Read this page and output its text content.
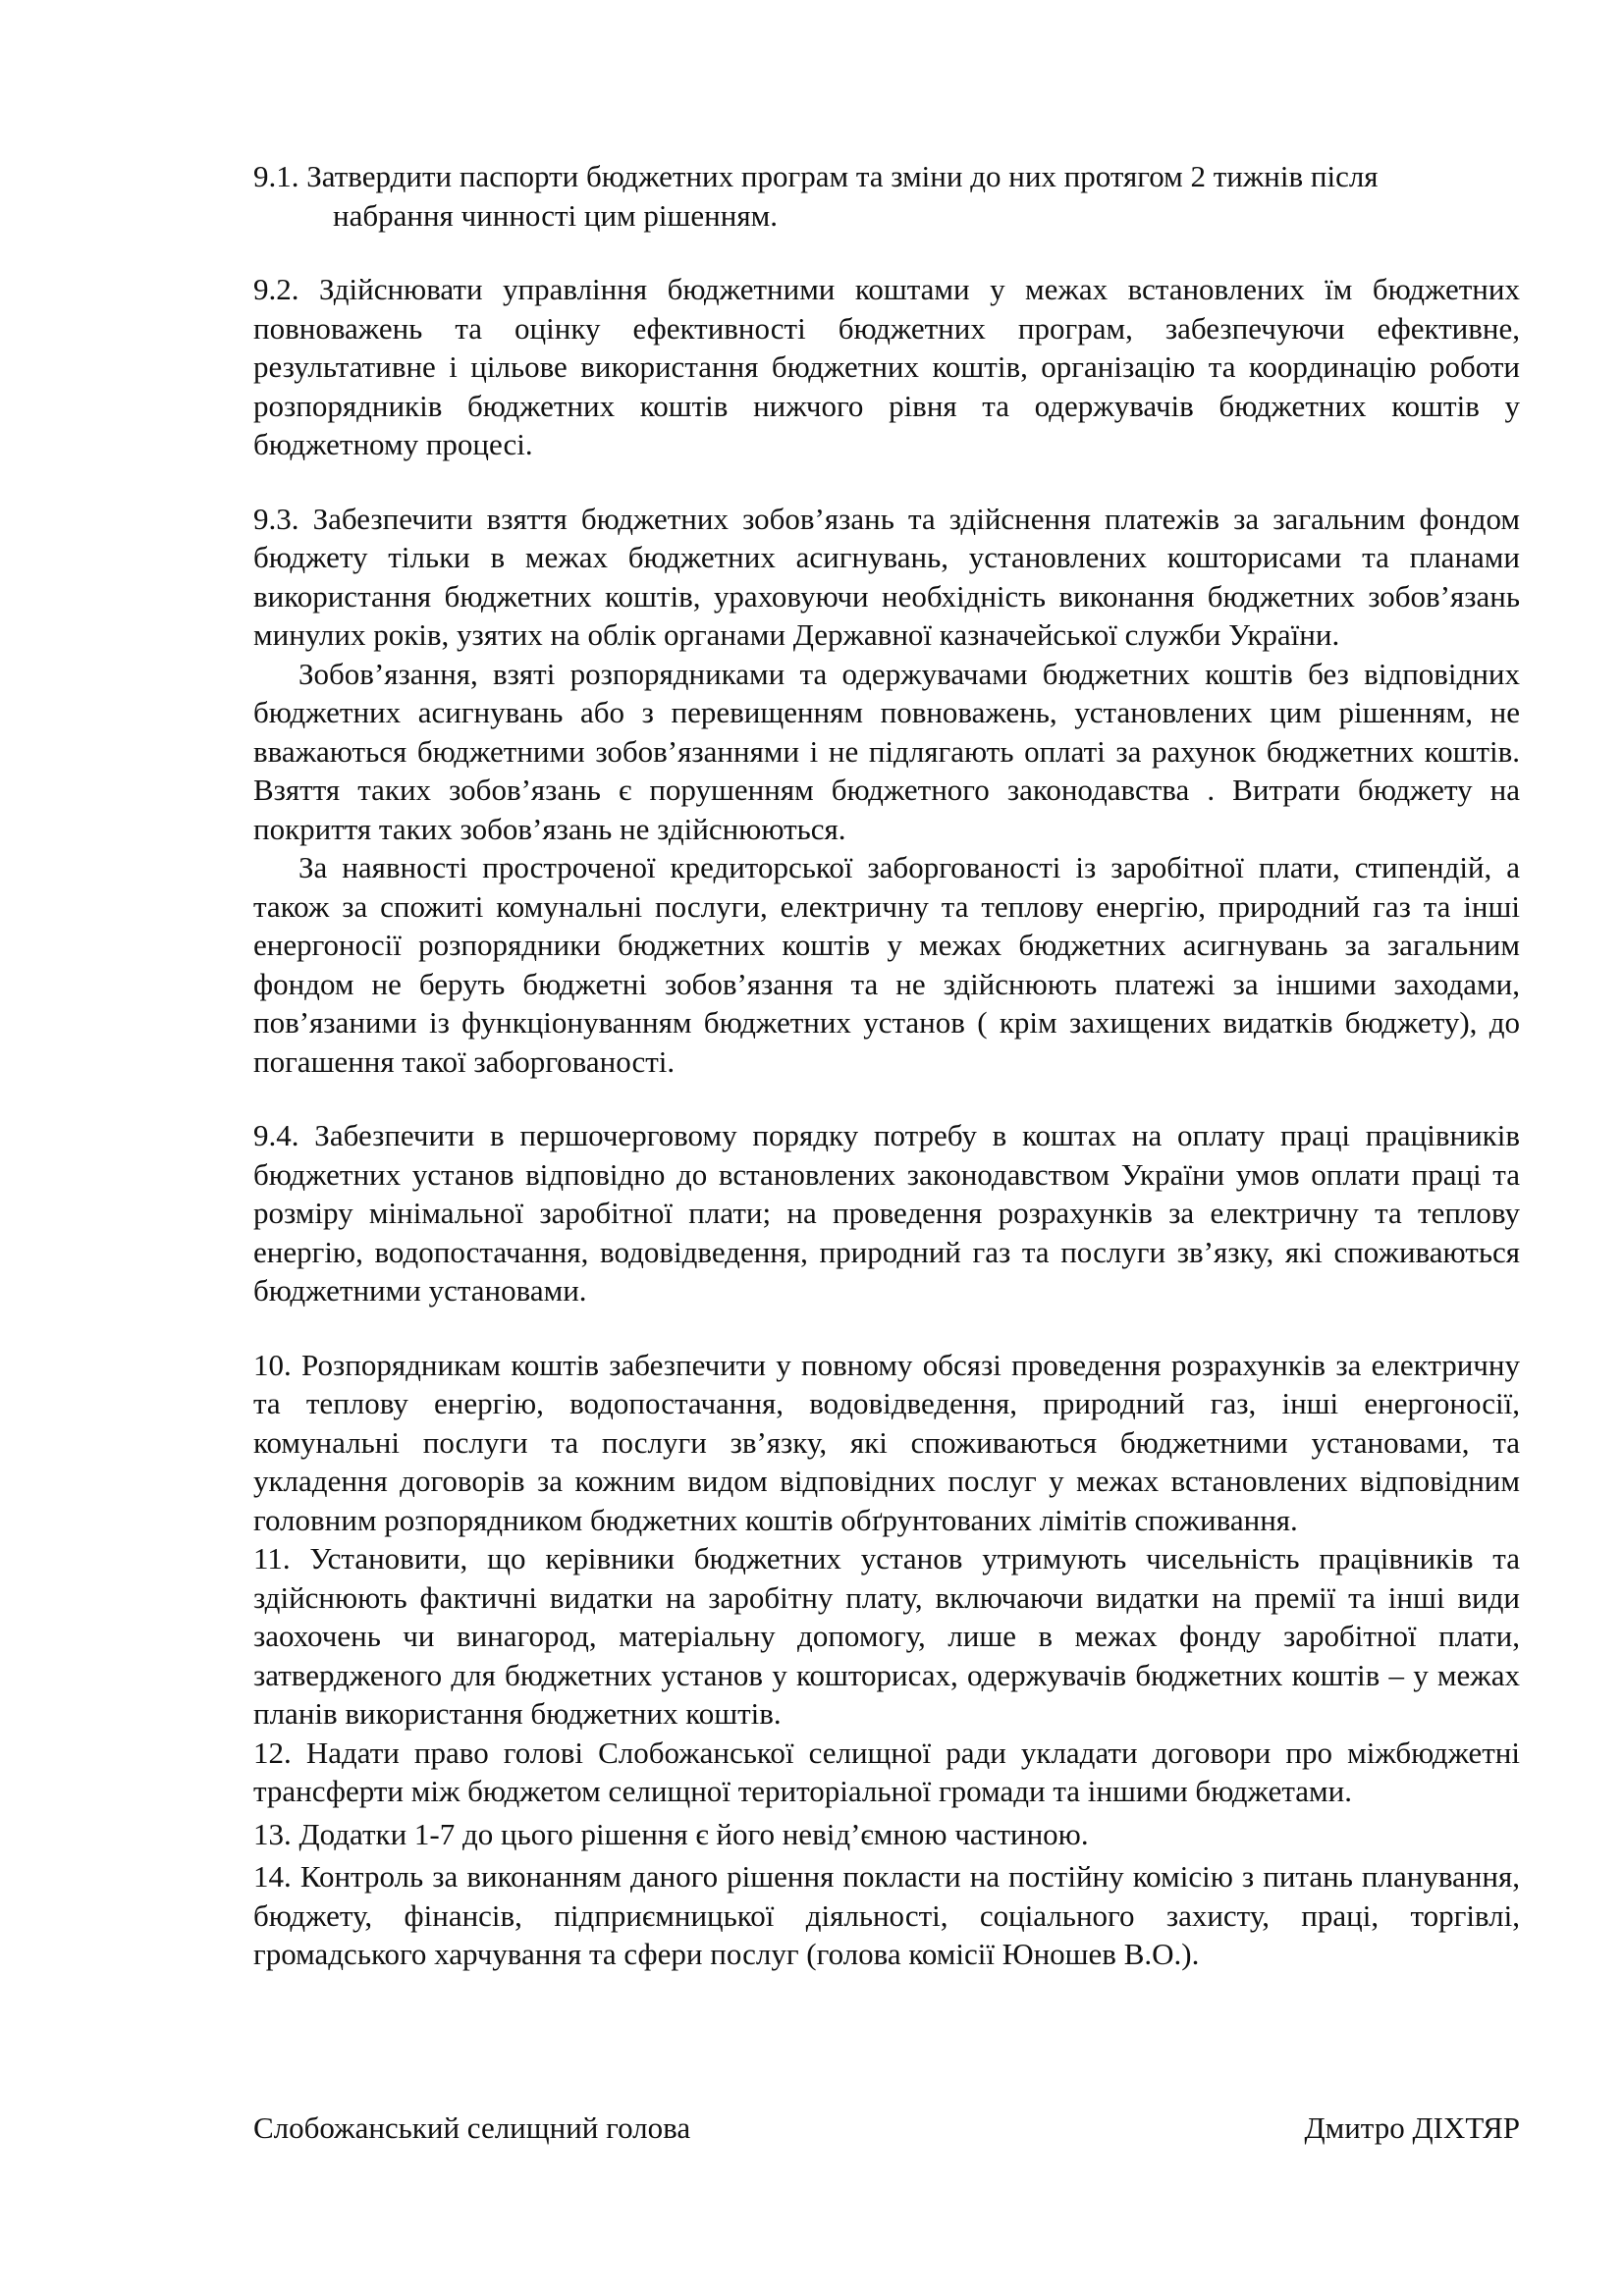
9.1. Затвердити паспорти бюджетних програм та зміни до них протягом 2 тижнів після
набрання чинності цим рішенням.

9.2. Здійснювати управління бюджетними коштами у межах встановлених їм бюджетних повноважень та оцінку ефективності бюджетних програм, забезпечуючи ефективне, результативне і цільове використання бюджетних коштів, організацію та координацію роботи розпорядників бюджетних коштів нижчого рівня та одержувачів бюджетних коштів у бюджетному процесі.

9.3. Забезпечити взяття бюджетних зобов’язань та здійснення платежів за загальним фондом бюджету тільки в межах бюджетних асигнувань, установлених кошторисами та планами використання бюджетних коштів, ураховуючи необхідність виконання бюджетних зобов’язань минулих років, узятих на облік органами Державної казначейської служби України.

Зобов’язання, взяті розпорядниками та одержувачами бюджетних коштів без відповідних бюджетних асигнувань або з перевищенням повноважень, установлених цим рішенням, не вважаються бюджетними зобов’язаннями і не підлягають оплаті за рахунок бюджетних коштів. Взяття таких зобов’язань є порушенням бюджетного законодавства . Витрати бюджету на покриття таких зобов’язань не здійснюються.

За наявності простроченої кредиторської заборгованості із заробітної плати, стипендій, а також за спожиті комунальні послуги, електричну та теплову енергію, природний газ та інші енергоносії розпорядники бюджетних коштів у межах бюджетних асигнувань за загальним фондом не беруть бюджетні зобов’язання та не здійснюють платежі за іншими заходами, пов’язаними із функціонуванням бюджетних установ ( крім захищених видатків бюджету), до погашення такої заборгованості.

9.4. Забезпечити в першочерговому порядку потребу в коштах на оплату праці працівників бюджетних установ відповідно до встановлених законодавством України умов оплати праці та розміру мінімальної заробітної плати; на проведення розрахунків за електричну та теплову енергію, водопостачання, водовідведення, природний газ та послуги зв’язку, які споживаються бюджетними установами.

10. Розпорядникам коштів забезпечити у повному обсязі проведення розрахунків за електричну та теплову енергію, водопостачання, водовідведення, природний газ, інші енергоносії, комунальні послуги та послуги зв’язку, які споживаються бюджетними установами, та укладення договорів за кожним видом відповідних послуг у межах встановлених відповідним головним розпорядником бюджетних коштів обґрунтованих лімітів споживання.

11. Установити, що керівники бюджетних установ утримують чисельність працівників та здійснюють фактичні видатки на заробітну плату, включаючи видатки на премії та інші види заохочень чи винагород, матеріальну допомогу, лише в межах фонду заробітної плати, затвердженого для бюджетних установ у кошторисах, одержувачів бюджетних коштів – у межах планів використання бюджетних коштів.

12. Надати право голові Слобожанської селищної ради укладати договори про міжбюджетні трансферти між бюджетом селищної територіальної громади та іншими бюджетами.

13. Додатки 1-7 до цього рішення є його невід’ємною частиною.

14. Контроль за виконанням даного рішення покласти на постійну комісію з питань планування, бюджету, фінансів, підприємницької діяльності, соціального захисту, праці, торгівлі, громадського харчування та сфери послуг (голова комісії Юношев В.О.).

Слобожанський селищний голова	Дмитро ДІХТЯР
